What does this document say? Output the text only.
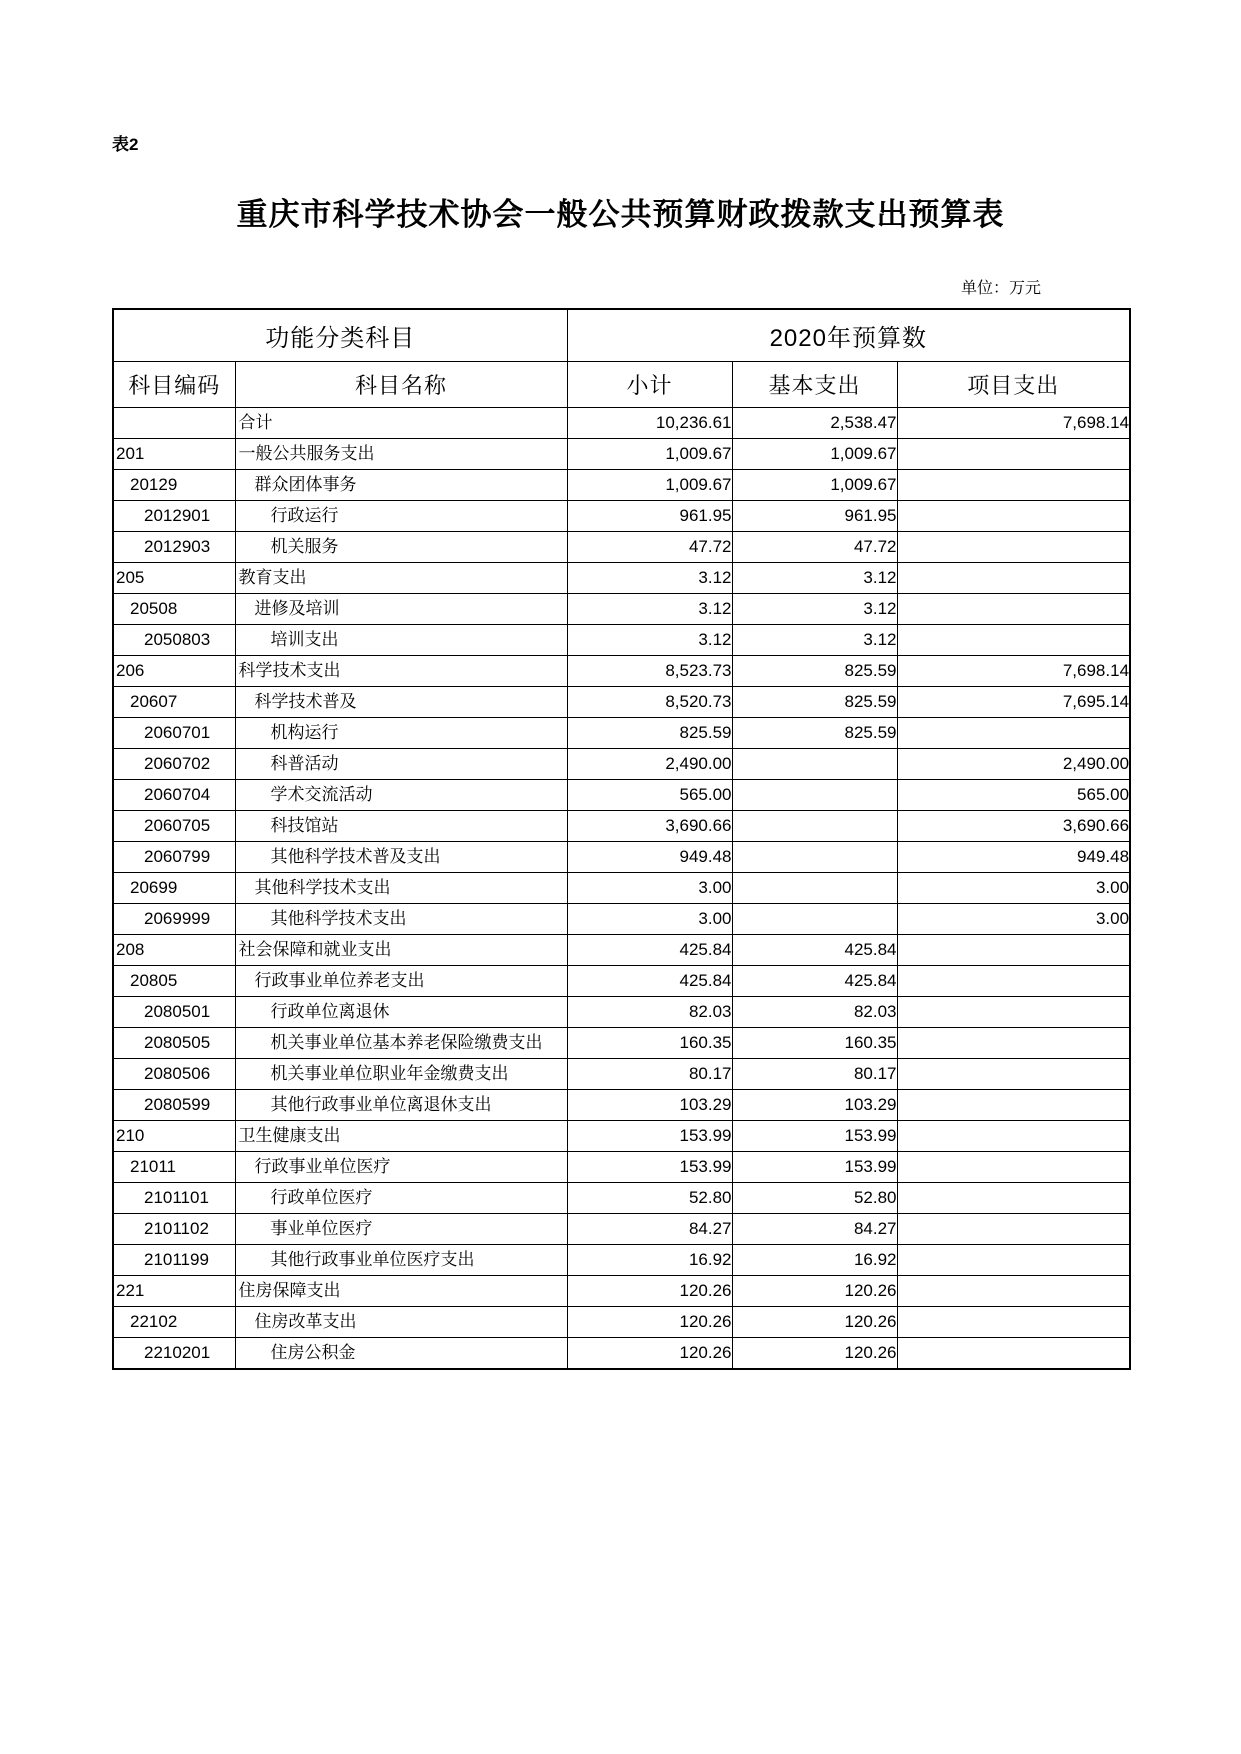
表2
重庆市科学技术协会一般公共预算财政拨款支出预算表
单位：万元
功能分类科目		2020年预算数		
科目编码	科目名称	小计	基本支出	项目支出

	合计	10,236.61	2,538.47	7,698.14

201	一般公共服务支出	1,009.67	1,009.67	

20129	群众团体事务	1,009.67	1,009.67	

2012901	行政运行	961.95	961.95	

2012903	机关服务	47.72	47.72	

205	教育支出	3.12	3.12	

20508	进修及培训	3.12	3.12	

2050803	培训支出	3.12	3.12	

206	科学技术支出	8,523.73	825.59	7,698.14

20607	科学技术普及	8,520.73	825.59	7,695.14

2060701	机构运行	825.59	825.59	

2060702	科普活动	2,490.00		2,490.00

2060704	学术交流活动	565.00		565.00

2060705	科技馆站	3,690.66		3,690.66

2060799	其他科学技术普及支出	949.48		949.48

20699	其他科学技术支出	3.00		3.00

2069999	其他科学技术支出	3.00		3.00

208	社会保障和就业支出	425.84	425.84	

20805	行政事业单位养老支出	425.84	425.84	

2080501	行政单位离退休	82.03	82.03	

2080505	机关事业单位基本养老保险缴费支出	160.35	160.35	

2080506	机关事业单位职业年金缴费支出	80.17	80.17	

2080599	其他行政事业单位离退休支出	103.29	103.29	

210	卫生健康支出	153.99	153.99	

21011	行政事业单位医疗	153.99	153.99	

2101101	行政单位医疗	52.80	52.80	

2101102	事业单位医疗	84.27	84.27	

2101199	其他行政事业单位医疗支出	16.92	16.92	

221	住房保障支出	120.26	120.26	

22102	住房改革支出	120.26	120.26	

2210201	住房公积金	120.26	120.26	
